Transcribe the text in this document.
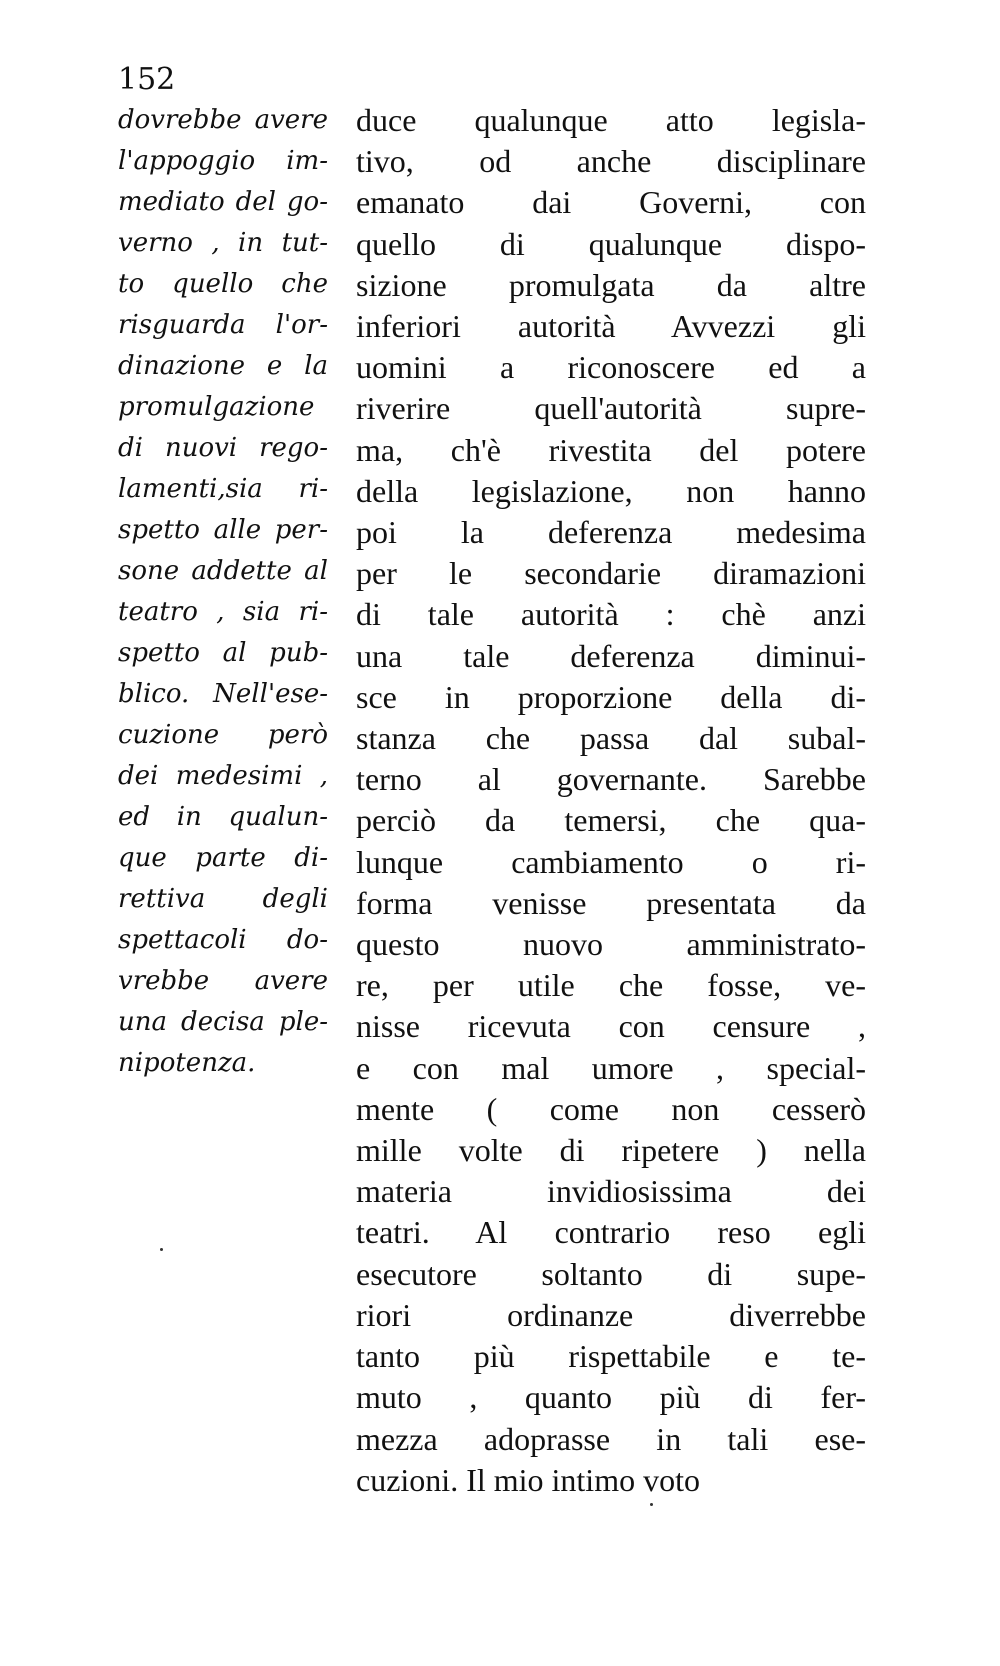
152
dovrebbe avere
l'appoggio im-
mediato del go-
verno , in tut-
to quello che
risguarda l'or-
dinazione e la
promulgazione
di nuovi rego-
lamenti,sia ri-
spetto alle per-
sone addette al
teatro , sia ri-
spetto al pub-
blico. Nell'ese-
cuzione però
dei medesimi ,
ed in qualun-
que parte di-
rettiva degli
spettacoli do-
vrebbe avere
una decisa ple-
nipotenza.
duce qualunque atto legisla-
tivo, od anche disciplinare
emanato dai Governi, con
quello di qualunque dispo-
sizione promulgata da altre
inferiori autorità Avvezzi gli
uomini a riconoscere ed a
riverire quell'autorità supre-
ma, ch'è rivestita del potere
della legislazione, non hanno
poi la deferenza medesima
per le secondarie diramazioni
di tale autorità : chè anzi
una tale deferenza diminui-
sce in proporzione della di-
stanza che passa dal subal-
terno al governante. Sarebbe
perciò da temersi, che qua-
lunque cambiamento o ri-
forma venisse presentata da
questo nuovo amministrato-
re, per utile che fosse, ve-
nisse ricevuta con censure ,
e con mal umore , special-
mente ( come non cesserò
mille volte di ripetere ) nella
materia invidiosissima dei
teatri. Al contrario reso egli
esecutore soltanto di supe-
riori ordinanze diverrebbe
tanto più rispettabile e te-
muto , quanto più di fer-
mezza adoprasse in tali ese-
cuzioni. Il mio intimo voto
